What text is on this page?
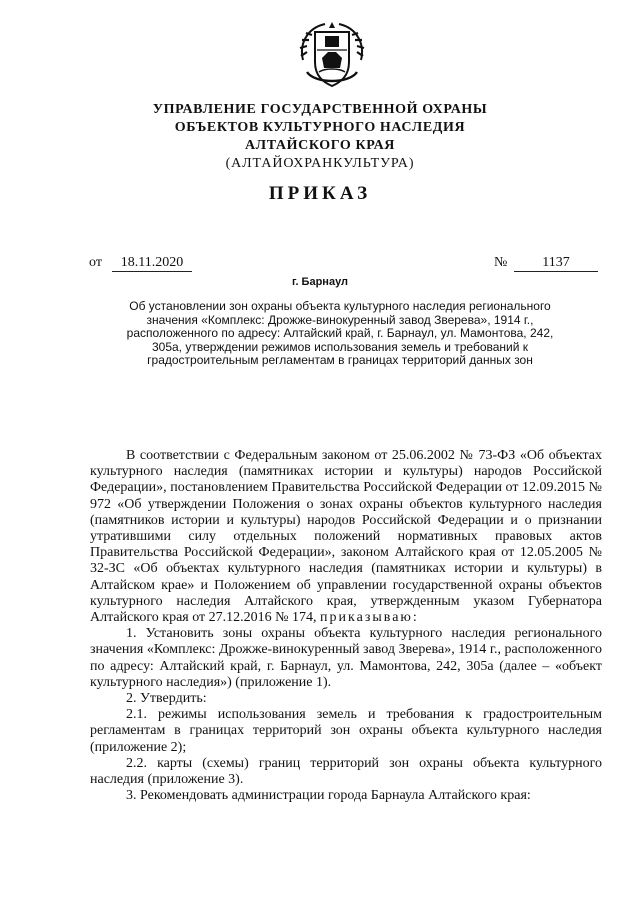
УПРАВЛЕНИЕ ГОСУДАРСТВЕННОЙ ОХРАНЫ
ОБЪЕКТОВ КУЛЬТУРНОГО НАСЛЕДИЯ
АЛТАЙСКОГО КРАЯ
(АЛТАЙОХРАНКУЛЬТУРА)
ПРИКАЗ
от	18.11.2020	№	1137
г. Барнаул
Об установлении зон охраны объекта культурного наследия регионального значения «Комплекс: Дрожже-винокуренный завод Зверева», 1914 г., расположенного по адресу: Алтайский край, г. Барнаул, ул. Мамонтова, 242, 305а, утверждении режимов использования земель и требований к градостроительным регламентам в границах территорий данных зон

В соответствии с Федеральным законом от 25.06.2002 № 73-ФЗ «Об объектах культурного наследия (памятниках истории и культуры) народов Российской Федерации», постановлением Правительства Российской Федерации от 12.09.2015 № 972 «Об утверждении Положения о зонах охраны объектов культурного наследия (памятников истории и культуры) народов Российской Федерации и о признании утратившими силу отдельных положений нормативных правовых актов Правительства Российской Федерации», законом Алтайского края от 12.05.2005 № 32-ЗС «Об объектах культурного наследия (памятниках истории и культуры) в Алтайском крае» и Положением об управлении государственной охраны объектов культурного наследия Алтайского края, утвержденным указом Губернатора Алтайского края от 27.12.2016 № 174, приказываю:

1. Установить зоны охраны объекта культурного наследия регионального значения «Комплекс: Дрожже-винокуренный завод Зверева», 1914 г., расположенного по адресу: Алтайский край, г. Барнаул, ул. Мамонтова, 242, 305а (далее – «объект культурного наследия») (приложение 1).

2. Утвердить:

2.1. режимы использования земель и требования к градостроительным регламентам в границах территорий зон охраны объекта культурного наследия (приложение 2);

2.2. карты (схемы) границ территорий зон охраны объекта культурного наследия (приложение 3).

3. Рекомендовать администрации города Барнаула Алтайского края:
